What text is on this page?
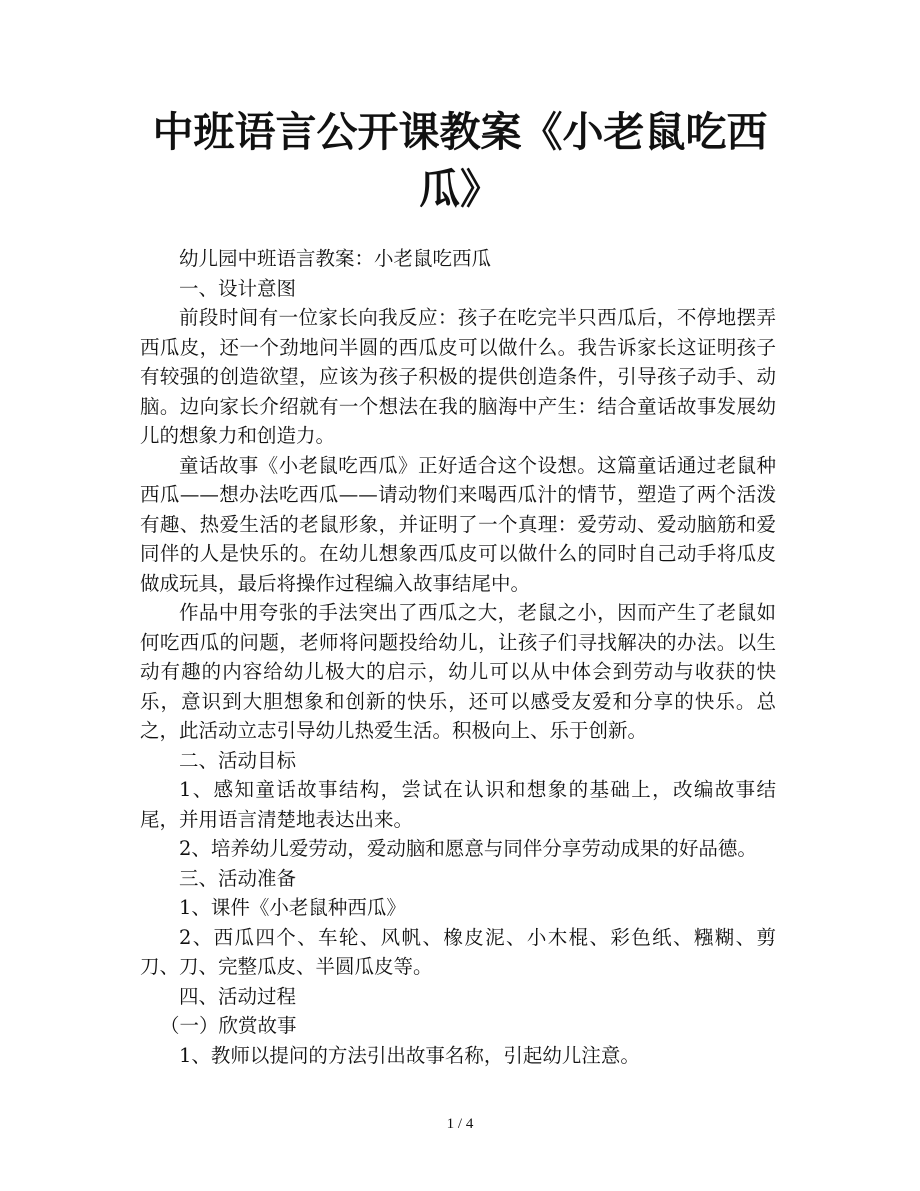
中班语言公开课教案《小老鼠吃西瓜》

幼儿园中班语言教案：小老鼠吃西瓜

一、设计意图

前段时间有一位家长向我反应：孩子在吃完半只西瓜后，不停地摆弄西瓜皮，还一个劲地问半圆的西瓜皮可以做什么。我告诉家长这证明孩子有较强的创造欲望，应该为孩子积极的提供创造条件，引导孩子动手、动脑。边向家长介绍就有一个想法在我的脑海中产生：结合童话故事发展幼儿的想象力和创造力。

童话故事《小老鼠吃西瓜》正好适合这个设想。这篇童话通过老鼠种西瓜——想办法吃西瓜——请动物们来喝西瓜汁的情节，塑造了两个活泼有趣、热爱生活的老鼠形象，并证明了一个真理：爱劳动、爱动脑筋和爱同伴的人是快乐的。在幼儿想象西瓜皮可以做什么的同时自己动手将瓜皮做成玩具，最后将操作过程编入故事结尾中。

作品中用夸张的手法突出了西瓜之大，老鼠之小，因而产生了老鼠如何吃西瓜的问题，老师将问题投给幼儿，让孩子们寻找解决的办法。以生动有趣的内容给幼儿极大的启示，幼儿可以从中体会到劳动与收获的快乐，意识到大胆想象和创新的快乐，还可以感受友爱和分享的快乐。总之，此活动立志引导幼儿热爱生活。积极向上、乐于创新。

二、活动目标

1、感知童话故事结构，尝试在认识和想象的基础上，改编故事结尾，并用语言清楚地表达出来。

2、培养幼儿爱劳动，爱动脑和愿意与同伴分享劳动成果的好品德。

三、活动准备

1、课件《小老鼠种西瓜》

2、西瓜四个、车轮、风帆、橡皮泥、小木棍、彩色纸、糨糊、剪刀、刀、完整瓜皮、半圆瓜皮等。

四、活动过程

（一）欣赏故事

1、教师以提问的方法引出故事名称，引起幼儿注意。

1 / 4
